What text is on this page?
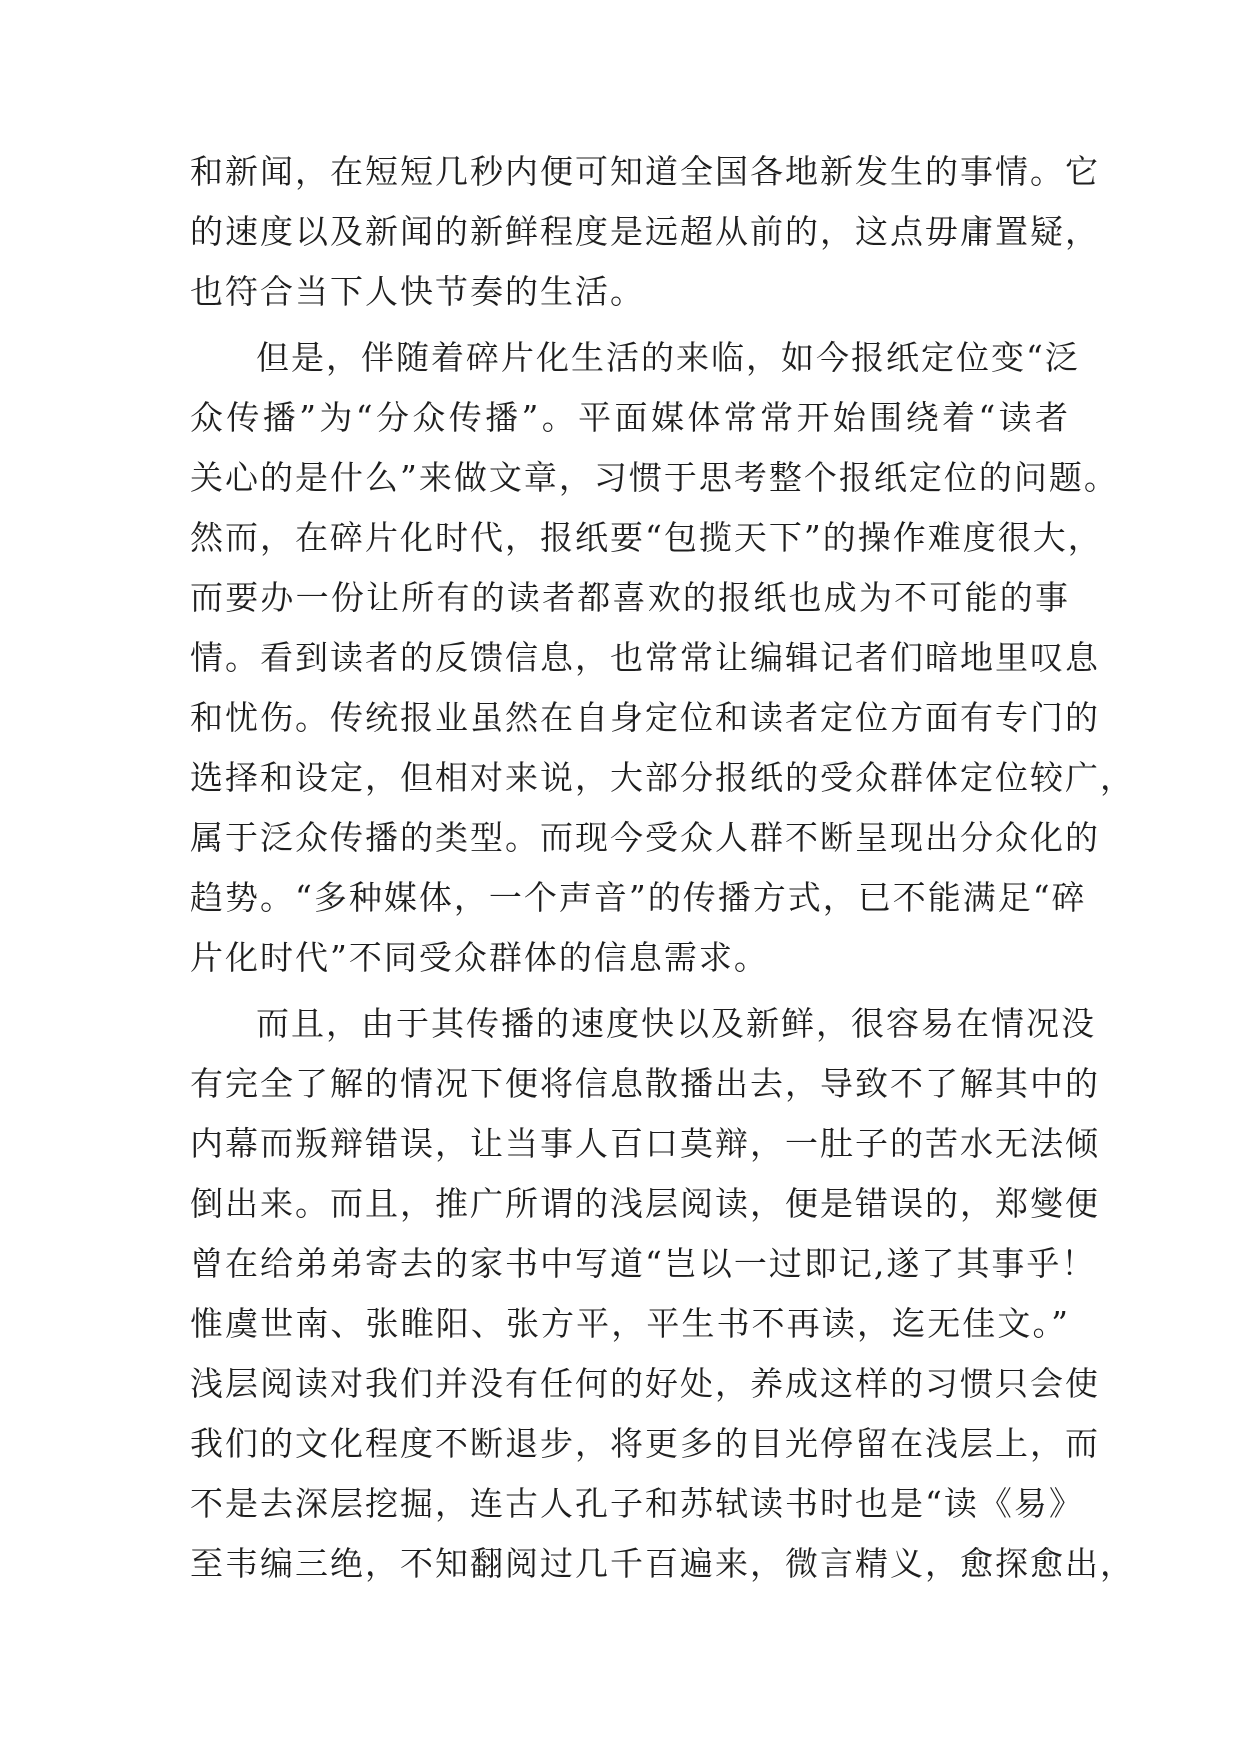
和新闻，在短短几秒内便可知道全国各地新发生的事情。它
的速度以及新闻的新鲜程度是远超从前的，这点毋庸置疑，
也符合当下人快节奏的生活。
但是，伴随着碎片化生活的来临，如今报纸定位变“泛
众传播”为“分众传播”。平面媒体常常开始围绕着“读者
关心的是什么”来做文章，习惯于思考整个报纸定位的问题。
然而，在碎片化时代，报纸要“包揽天下”的操作难度很大，
而要办一份让所有的读者都喜欢的报纸也成为不可能的事
情。看到读者的反馈信息，也常常让编辑记者们暗地里叹息
和忧伤。传统报业虽然在自身定位和读者定位方面有专门的
选择和设定，但相对来说，大部分报纸的受众群体定位较广，
属于泛众传播的类型。而现今受众人群不断呈现出分众化的
趋势。“多种媒体，一个声音”的传播方式，已不能满足“碎
片化时代”不同受众群体的信息需求。
而且，由于其传播的速度快以及新鲜，很容易在情况没
有完全了解的情况下便将信息散播出去，导致不了解其中的
内幕而叛辩错误，让当事人百口莫辩，一肚子的苦水无法倾
倒出来。而且，推广所谓的浅层阅读，便是错误的，郑燮便
曾在给弟弟寄去的家书中写道“岂以一过即记,遂了其事乎！
惟虞世南、张睢阳、张方平，平生书不再读，迄无佳文。”
浅层阅读对我们并没有任何的好处，养成这样的习惯只会使
我们的文化程度不断退步，将更多的目光停留在浅层上，而
不是去深层挖掘，连古人孔子和苏轼读书时也是“读《易》
至韦编三绝，不知翻阅过几千百遍来，微言精义，愈探愈出，
